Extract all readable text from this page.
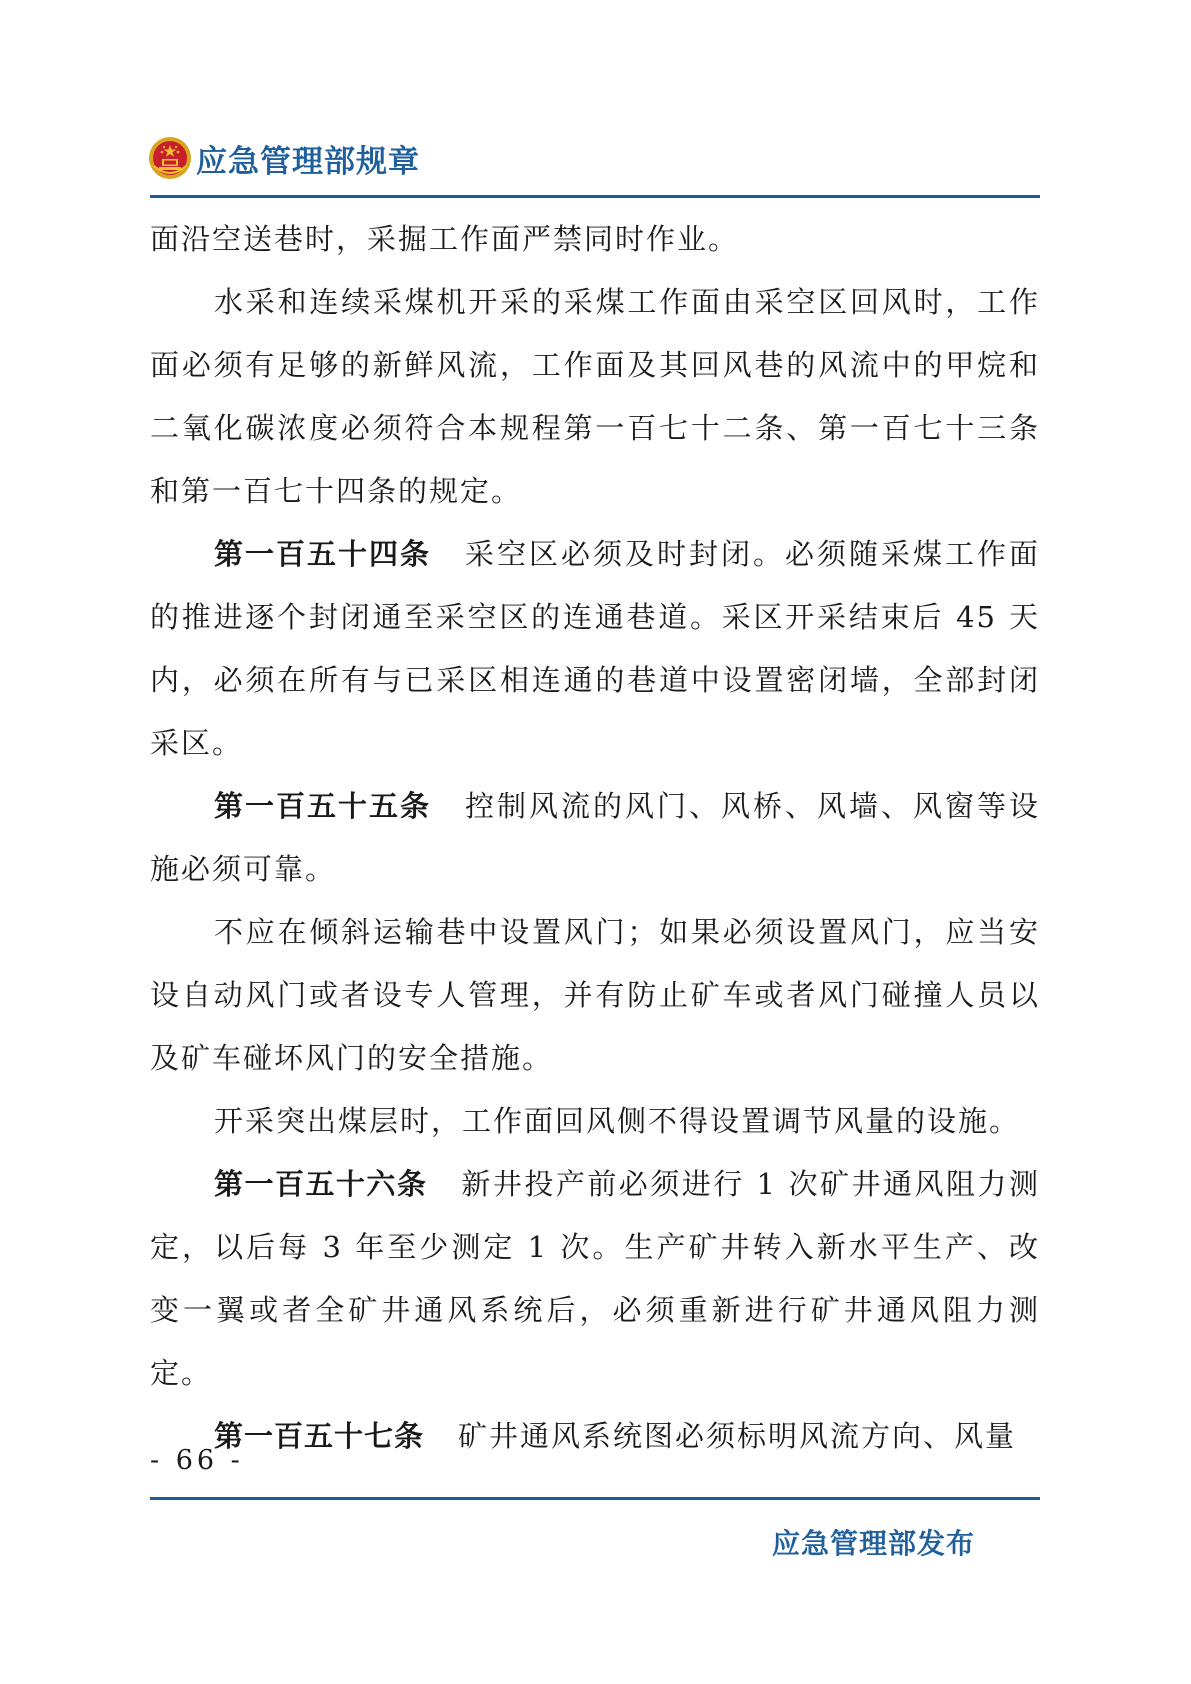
应急管理部规章

面沿空送巷时，采掘工作面严禁同时作业。

水采和连续采煤机开采的采煤工作面由采空区回风时，工作面必须有足够的新鲜风流，工作面及其回风巷的风流中的甲烷和二氧化碳浓度必须符合本规程第一百七十二条、第一百七十三条和第一百七十四条的规定。

第一百五十四条 采空区必须及时封闭。必须随采煤工作面的推进逐个封闭通至采空区的连通巷道。采区开采结束后 45 天内，必须在所有与已采区相连通的巷道中设置密闭墙，全部封闭采区。

第一百五十五条 控制风流的风门、风桥、风墙、风窗等设施必须可靠。

不应在倾斜运输巷中设置风门；如果必须设置风门，应当安设自动风门或者设专人管理，并有防止矿车或者风门碰撞人员以及矿车碰坏风门的安全措施。

开采突出煤层时，工作面回风侧不得设置调节风量的设施。

第一百五十六条 新井投产前必须进行 1 次矿井通风阻力测定，以后每 3 年至少测定 1 次。生产矿井转入新水平生产、改变一翼或者全矿井通风系统后，必须重新进行矿井通风阻力测定。

第一百五十七条 矿井通风系统图必须标明风流方向、风量

- 66 -
应急管理部发布
